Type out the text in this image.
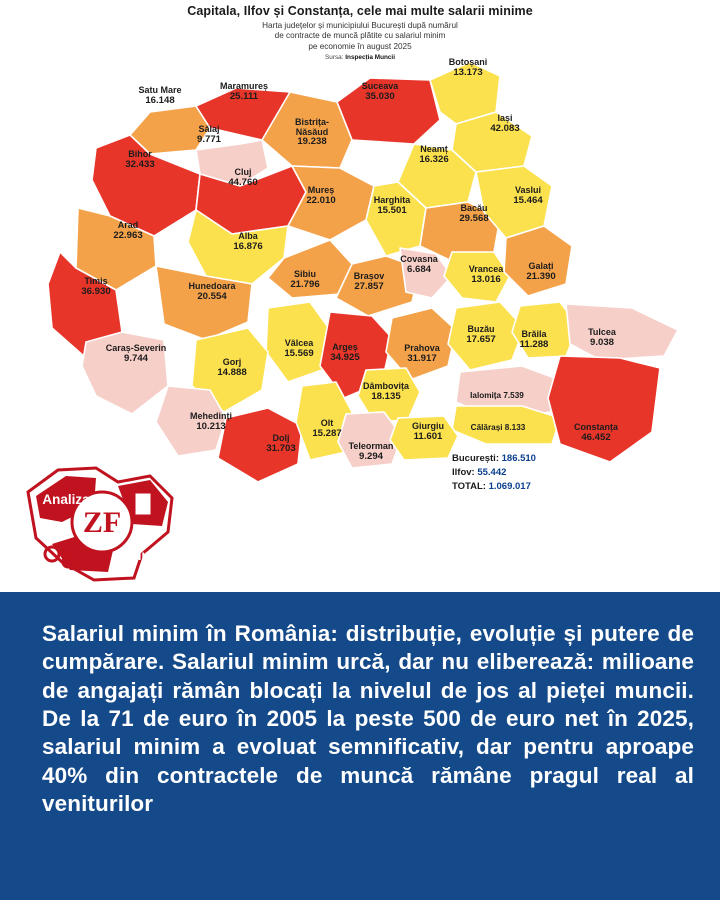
Capitala, Ilfov și Constanța, cele mai multe salarii minime
Harta județelor și municipiului București după numărul
de contracte de muncă plătite cu salariul minim
pe economie în august 2025
Sursa: Inspecția Muncii
Satu Mare
16.148
Maramureș
25.111
Suceava
35.030
Botoșani
13.173
Bihor
32.433
Sălaj
9.771
Bistrița-
Năsăud
19.238
Iași
42.083
Cluj
44.760
Neamț
16.326
Mureș
22.010	Harghita
15.501
Vaslui
15.464
Bacău
29.568
Arad
22.963	Alba
16.876
Covasna
6.684	Vrancea
13.016
Galați
21.390
Timiș
36.930	Hunedoara
20.554
Sibiu
21.796
Brașov
27.857
Buzău
17.657	Brăila
11.288
Tulcea
9.038
Caraș-Severin
9.744	Gorj
14.888
Vâlcea
15.569
Argeș
34.925
Prahova
31.917
Dâmbovița
18.135	Ialomița 7.539
Călărași 8.133
Mehedinți
10.213
Dolj
31.703
Olt
15.287
Teleorman
9.294
Giurgiu
11.601
Constanța
46.452
București: 186.510
Ilfov: 55.442
TOTAL: 1.069.017
ZF
Analiza
de luni
Salariul minim în România: distribuție, evoluție și putere de cumpărare. Salariul minim urcă, dar nu eliberează: milioane de angajați rămân blocați la nivelul de jos al pieței muncii. De la 71 de euro în 2005 la peste 500 de euro net în 2025, salariul minim a evoluat semnificativ, dar pentru aproape 40% din contractele de muncă rămâne pragul real al veniturilor
